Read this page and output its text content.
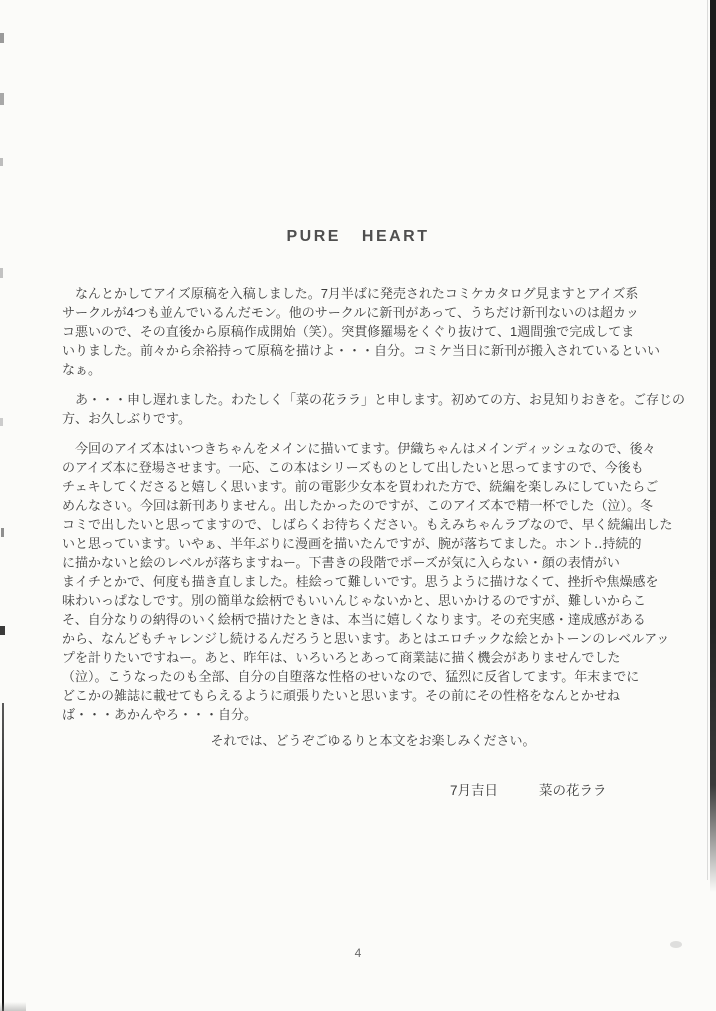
PURE HEART
　なんとかしてアイズ原稿を入稿しました。7月半ばに発売されたコミケカタログ見ますとアイズ系
サークルが4つも並んでいるんだモン。他のサークルに新刊があって、うちだけ新刊ないのは超カッ
コ悪いので、その直後から原稿作成開始（笑）。突貫修羅場をくぐり抜けて、1週間強で完成してま
いりました。前々から余裕持って原稿を描けよ・・・自分。コミケ当日に新刊が搬入されているといい
なぁ。
　あ・・・申し遅れました。わたしく「菜の花ララ」と申します。初めての方、お見知りおきを。ご存じの
方、お久しぶりです。
　今回のアイズ本はいつきちゃんをメインに描いてます。伊織ちゃんはメインディッシュなので、後々
のアイズ本に登場させます。一応、この本はシリーズものとして出したいと思ってますので、今後も
チェキしてくださると嬉しく思います。前の電影少女本を買われた方で、続編を楽しみにしていたらご
めんなさい。今回は新刊ありません。出したかったのですが、このアイズ本で精一杯でした（泣）。冬
コミで出したいと思ってますので、しばらくお待ちください。もえみちゃんラブなので、早く続編出した
いと思っています。いやぁ、半年ぶりに漫画を描いたんですが、腕が落ちてました。ホント‥持続的
に描かないと絵のレベルが落ちますねー。下書きの段階でポーズが気に入らない・顔の表情がい
まイチとかで、何度も描き直しました。桂絵って難しいです。思うように描けなくて、挫折や焦燥感を
味わいっぱなしです。別の簡単な絵柄でもいいんじゃないかと、思いかけるのですが、難しいからこ
そ、自分なりの納得のいく絵柄で描けたときは、本当に嬉しくなります。その充実感・達成感がある
から、なんどもチャレンジし続けるんだろうと思います。あとはエロチックな絵とかトーンのレベルアッ
プを計りたいですねー。あと、昨年は、いろいろとあって商業誌に描く機会がありませんでした
（泣）。こうなったのも全部、自分の自堕落な性格のせいなので、猛烈に反省してます。年末までに
どこかの雑誌に載せてもらえるように頑張りたいと思います。その前にその性格をなんとかせね
ば・・・あかんやろ・・・自分。
それでは、どうぞごゆるりと本文をお楽しみください。
7月吉日	菜の花ララ
4
